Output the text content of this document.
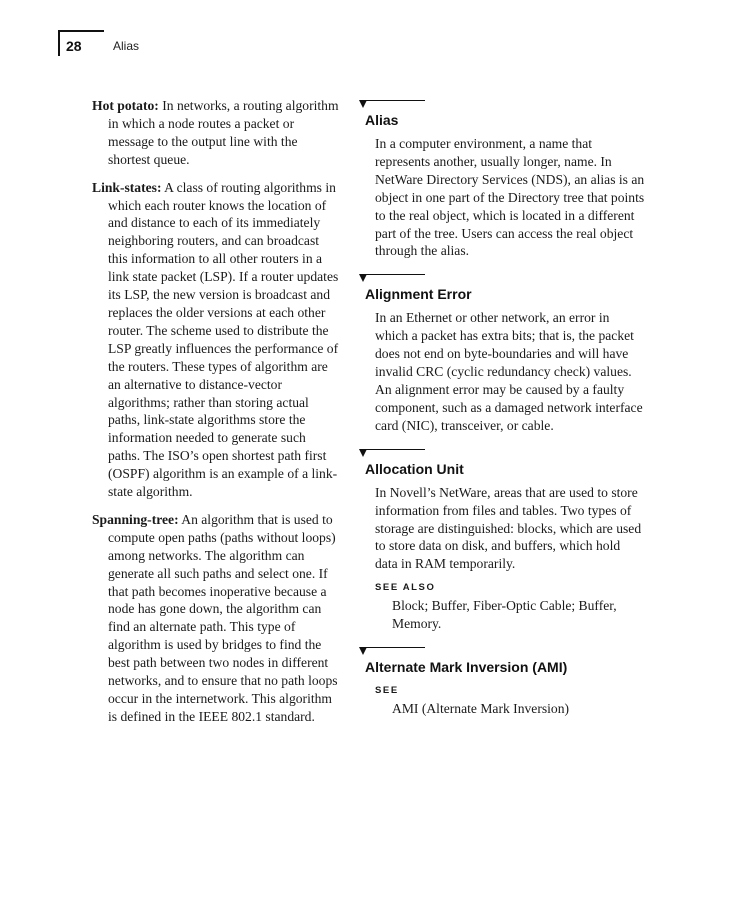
28	Alias

Hot potato: In networks, a routing algorithm in which a node routes a packet or message to the output line with the shortest queue.

Link-states: A class of routing algorithms in which each router knows the location of and distance to each of its immediately neighboring routers, and can broadcast this information to all other routers in a link state packet (LSP). If a router updates its LSP, the new version is broadcast and replaces the older versions at each other router. The scheme used to distribute the LSP greatly influences the performance of the routers. These types of algorithm are an alternative to distance-vector algorithms; rather than storing actual paths, link-state algorithms store the information needed to generate such paths. The ISO’s open shortest path first (OSPF) algorithm is an example of a link-state algorithm.

Spanning-tree: An algorithm that is used to compute open paths (paths without loops) among networks. The algorithm can generate all such paths and select one. If that path becomes inoperative because a node has gone down, the algorithm can find an alternate path. This type of algorithm is used by bridges to find the best path between two nodes in different networks, and to ensure that no path loops occur in the internetwork. This algorithm is defined in the IEEE 802.1 standard.

Alias
In a computer environment, a name that represents another, usually longer, name. In NetWare Directory Services (NDS), an alias is an object in one part of the Directory tree that points to the real object, which is located in a different part of the tree. Users can access the real object through the alias.
Alignment Error
In an Ethernet or other network, an error in which a packet has extra bits; that is, the packet does not end on byte-boundaries and will have invalid CRC (cyclic redundancy check) values. An alignment error may be caused by a faulty component, such as a damaged network interface card (NIC), transceiver, or cable.
Allocation Unit
In Novell’s NetWare, areas that are used to store information from files and tables. Two types of storage are distinguished: blocks, which are used to store data on disk, and buffers, which hold data in RAM temporarily.
SEE ALSO
Block; Buffer, Fiber-Optic Cable; Buffer, Memory.
Alternate Mark Inversion (AMI)
SEE
AMI (Alternate Mark Inversion)
